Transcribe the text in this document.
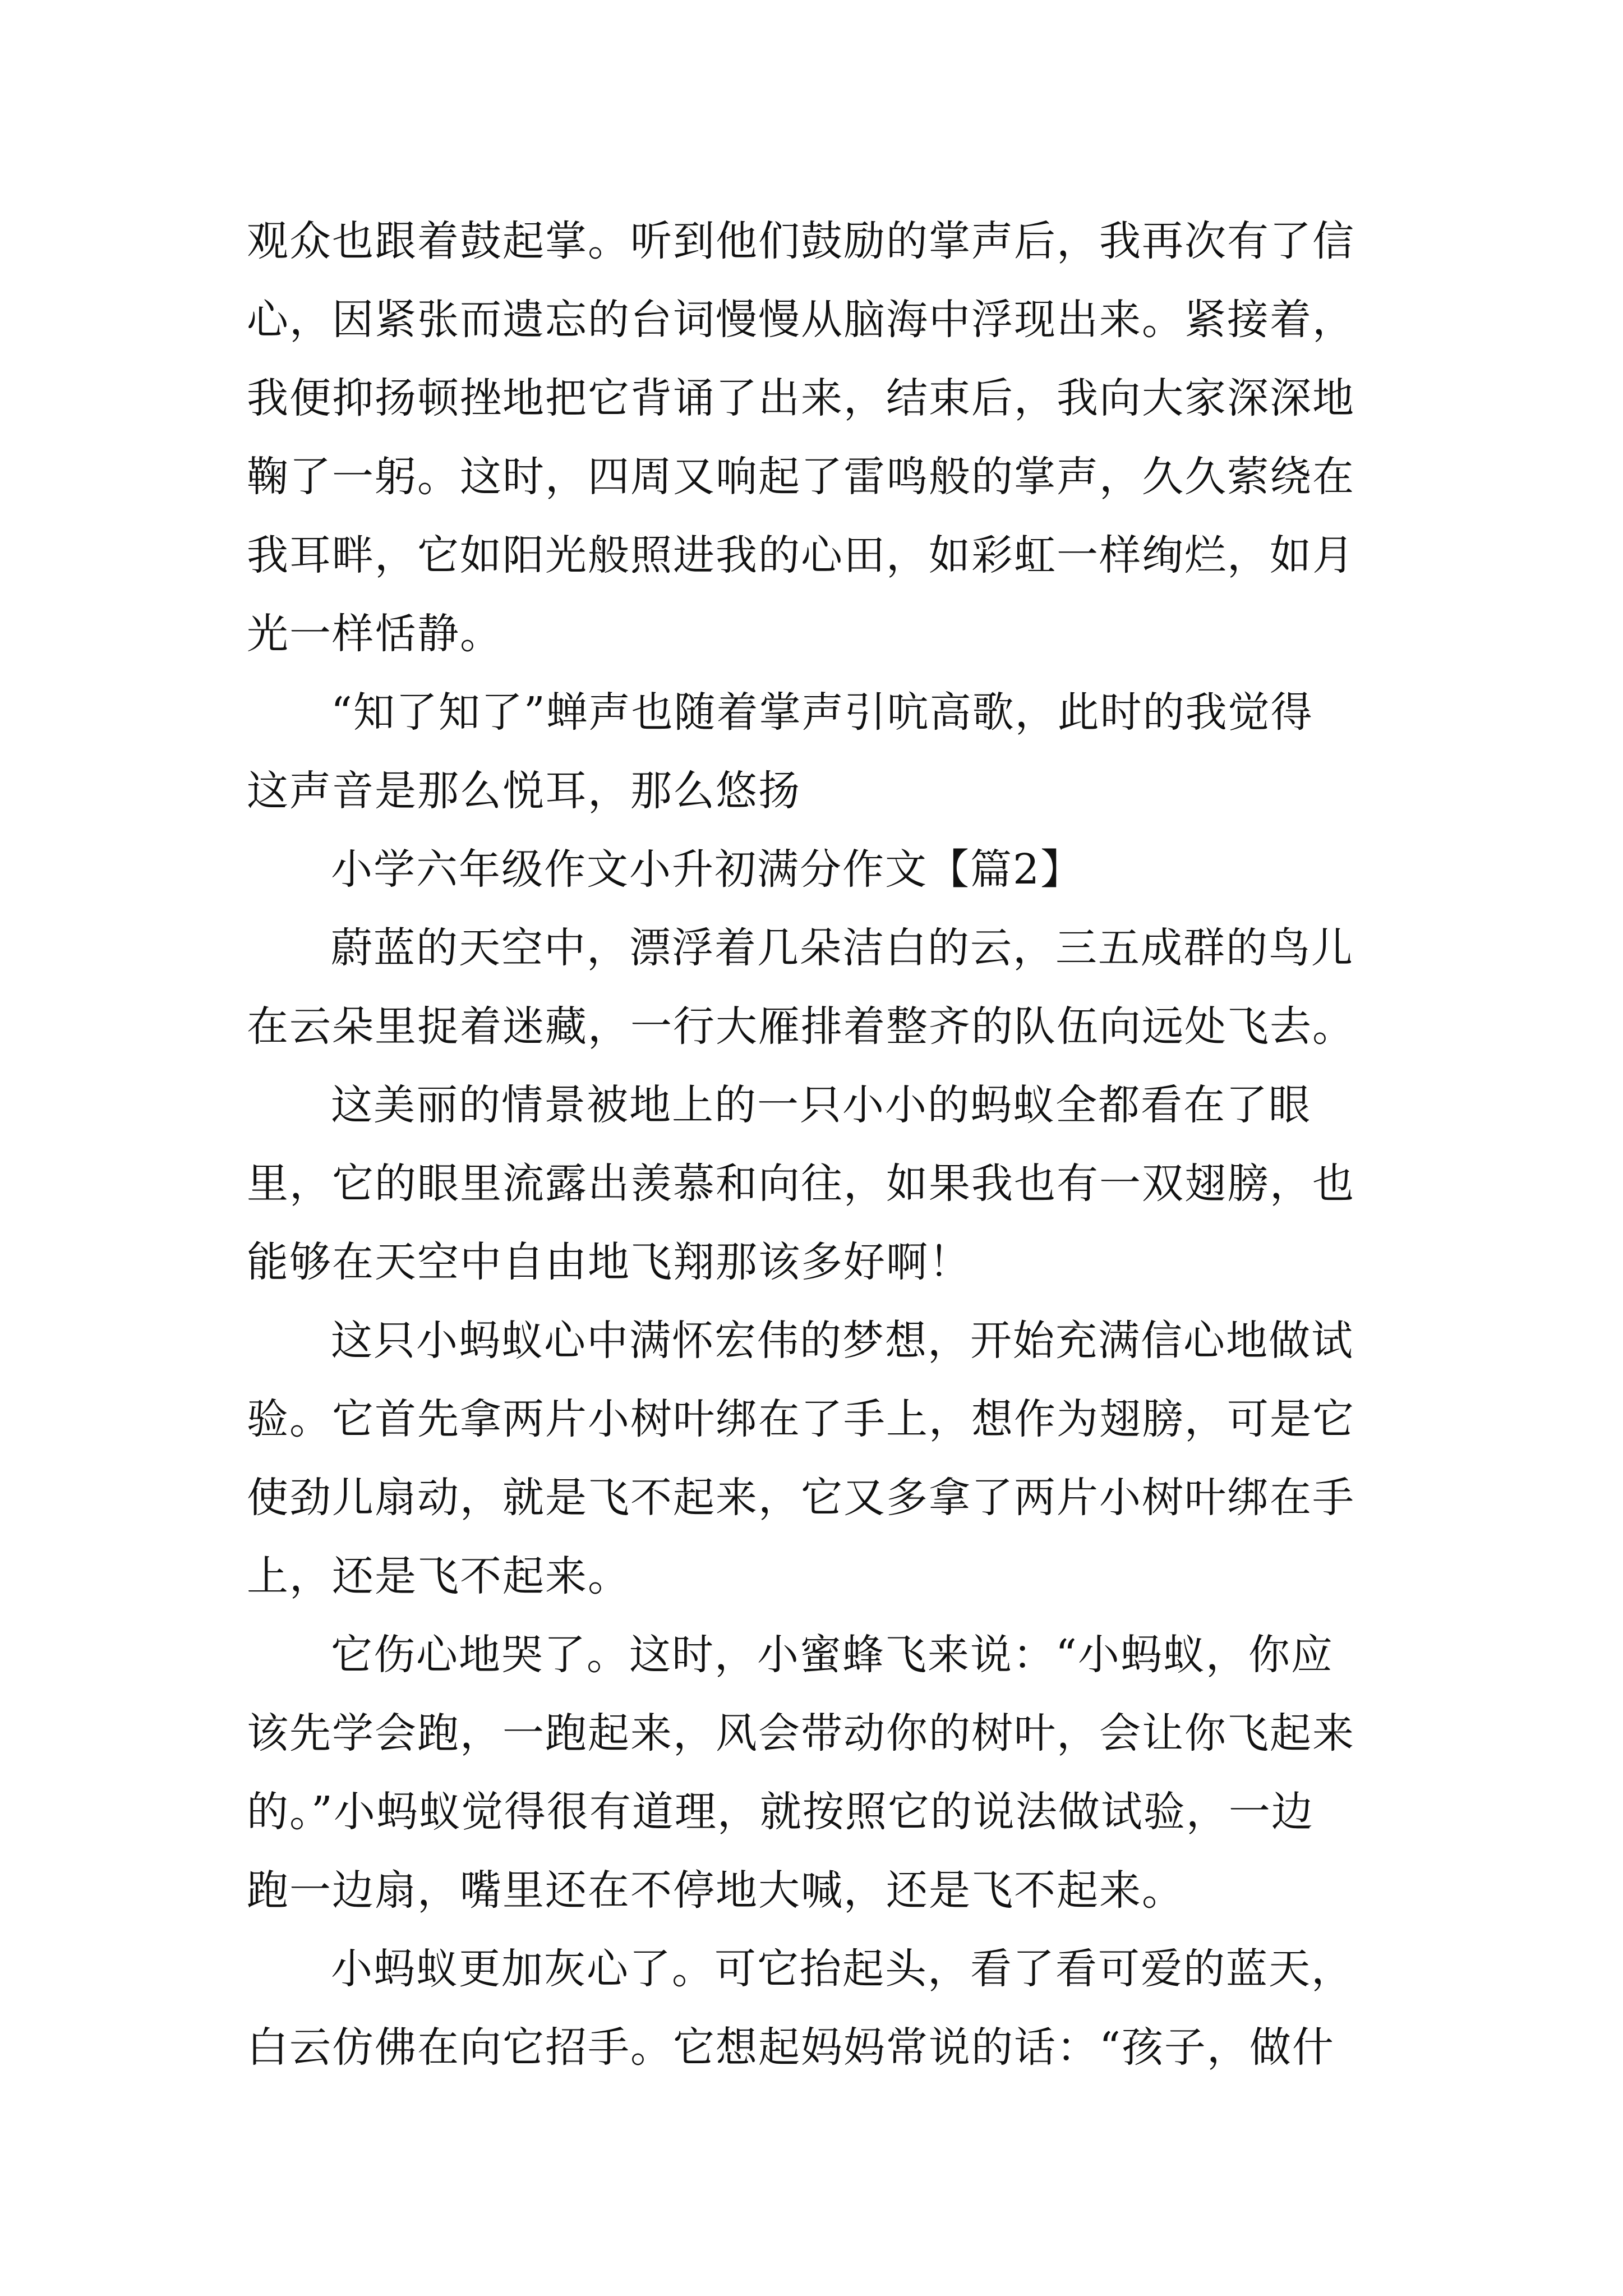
观众也跟着鼓起掌。听到他们鼓励的掌声后，我再次有了信
心，因紧张而遗忘的台词慢慢从脑海中浮现出来。紧接着，
我便抑扬顿挫地把它背诵了出来，结束后，我向大家深深地
鞠了一躬。这时，四周又响起了雷鸣般的掌声，久久萦绕在
我耳畔，它如阳光般照进我的心田，如彩虹一样绚烂，如月
光一样恬静。
“知了知了”蝉声也随着掌声引吭高歌，此时的我觉得
这声音是那么悦耳，那么悠扬
小学六年级作文小升初满分作文【篇2】
蔚蓝的天空中，漂浮着几朵洁白的云，三五成群的鸟儿
在云朵里捉着迷藏，一行大雁排着整齐的队伍向远处飞去。
这美丽的情景被地上的一只小小的蚂蚁全都看在了眼
里，它的眼里流露出羡慕和向往，如果我也有一双翅膀，也
能够在天空中自由地飞翔那该多好啊！
这只小蚂蚁心中满怀宏伟的梦想，开始充满信心地做试
验。它首先拿两片小树叶绑在了手上，想作为翅膀，可是它
使劲儿扇动，就是飞不起来，它又多拿了两片小树叶绑在手
上，还是飞不起来。
它伤心地哭了。这时，小蜜蜂飞来说：“小蚂蚁，你应
该先学会跑，一跑起来，风会带动你的树叶，会让你飞起来
的。”小蚂蚁觉得很有道理，就按照它的说法做试验，一边
跑一边扇，嘴里还在不停地大喊，还是飞不起来。
小蚂蚁更加灰心了。可它抬起头，看了看可爱的蓝天，
白云仿佛在向它招手。它想起妈妈常说的话：“孩子，做什
